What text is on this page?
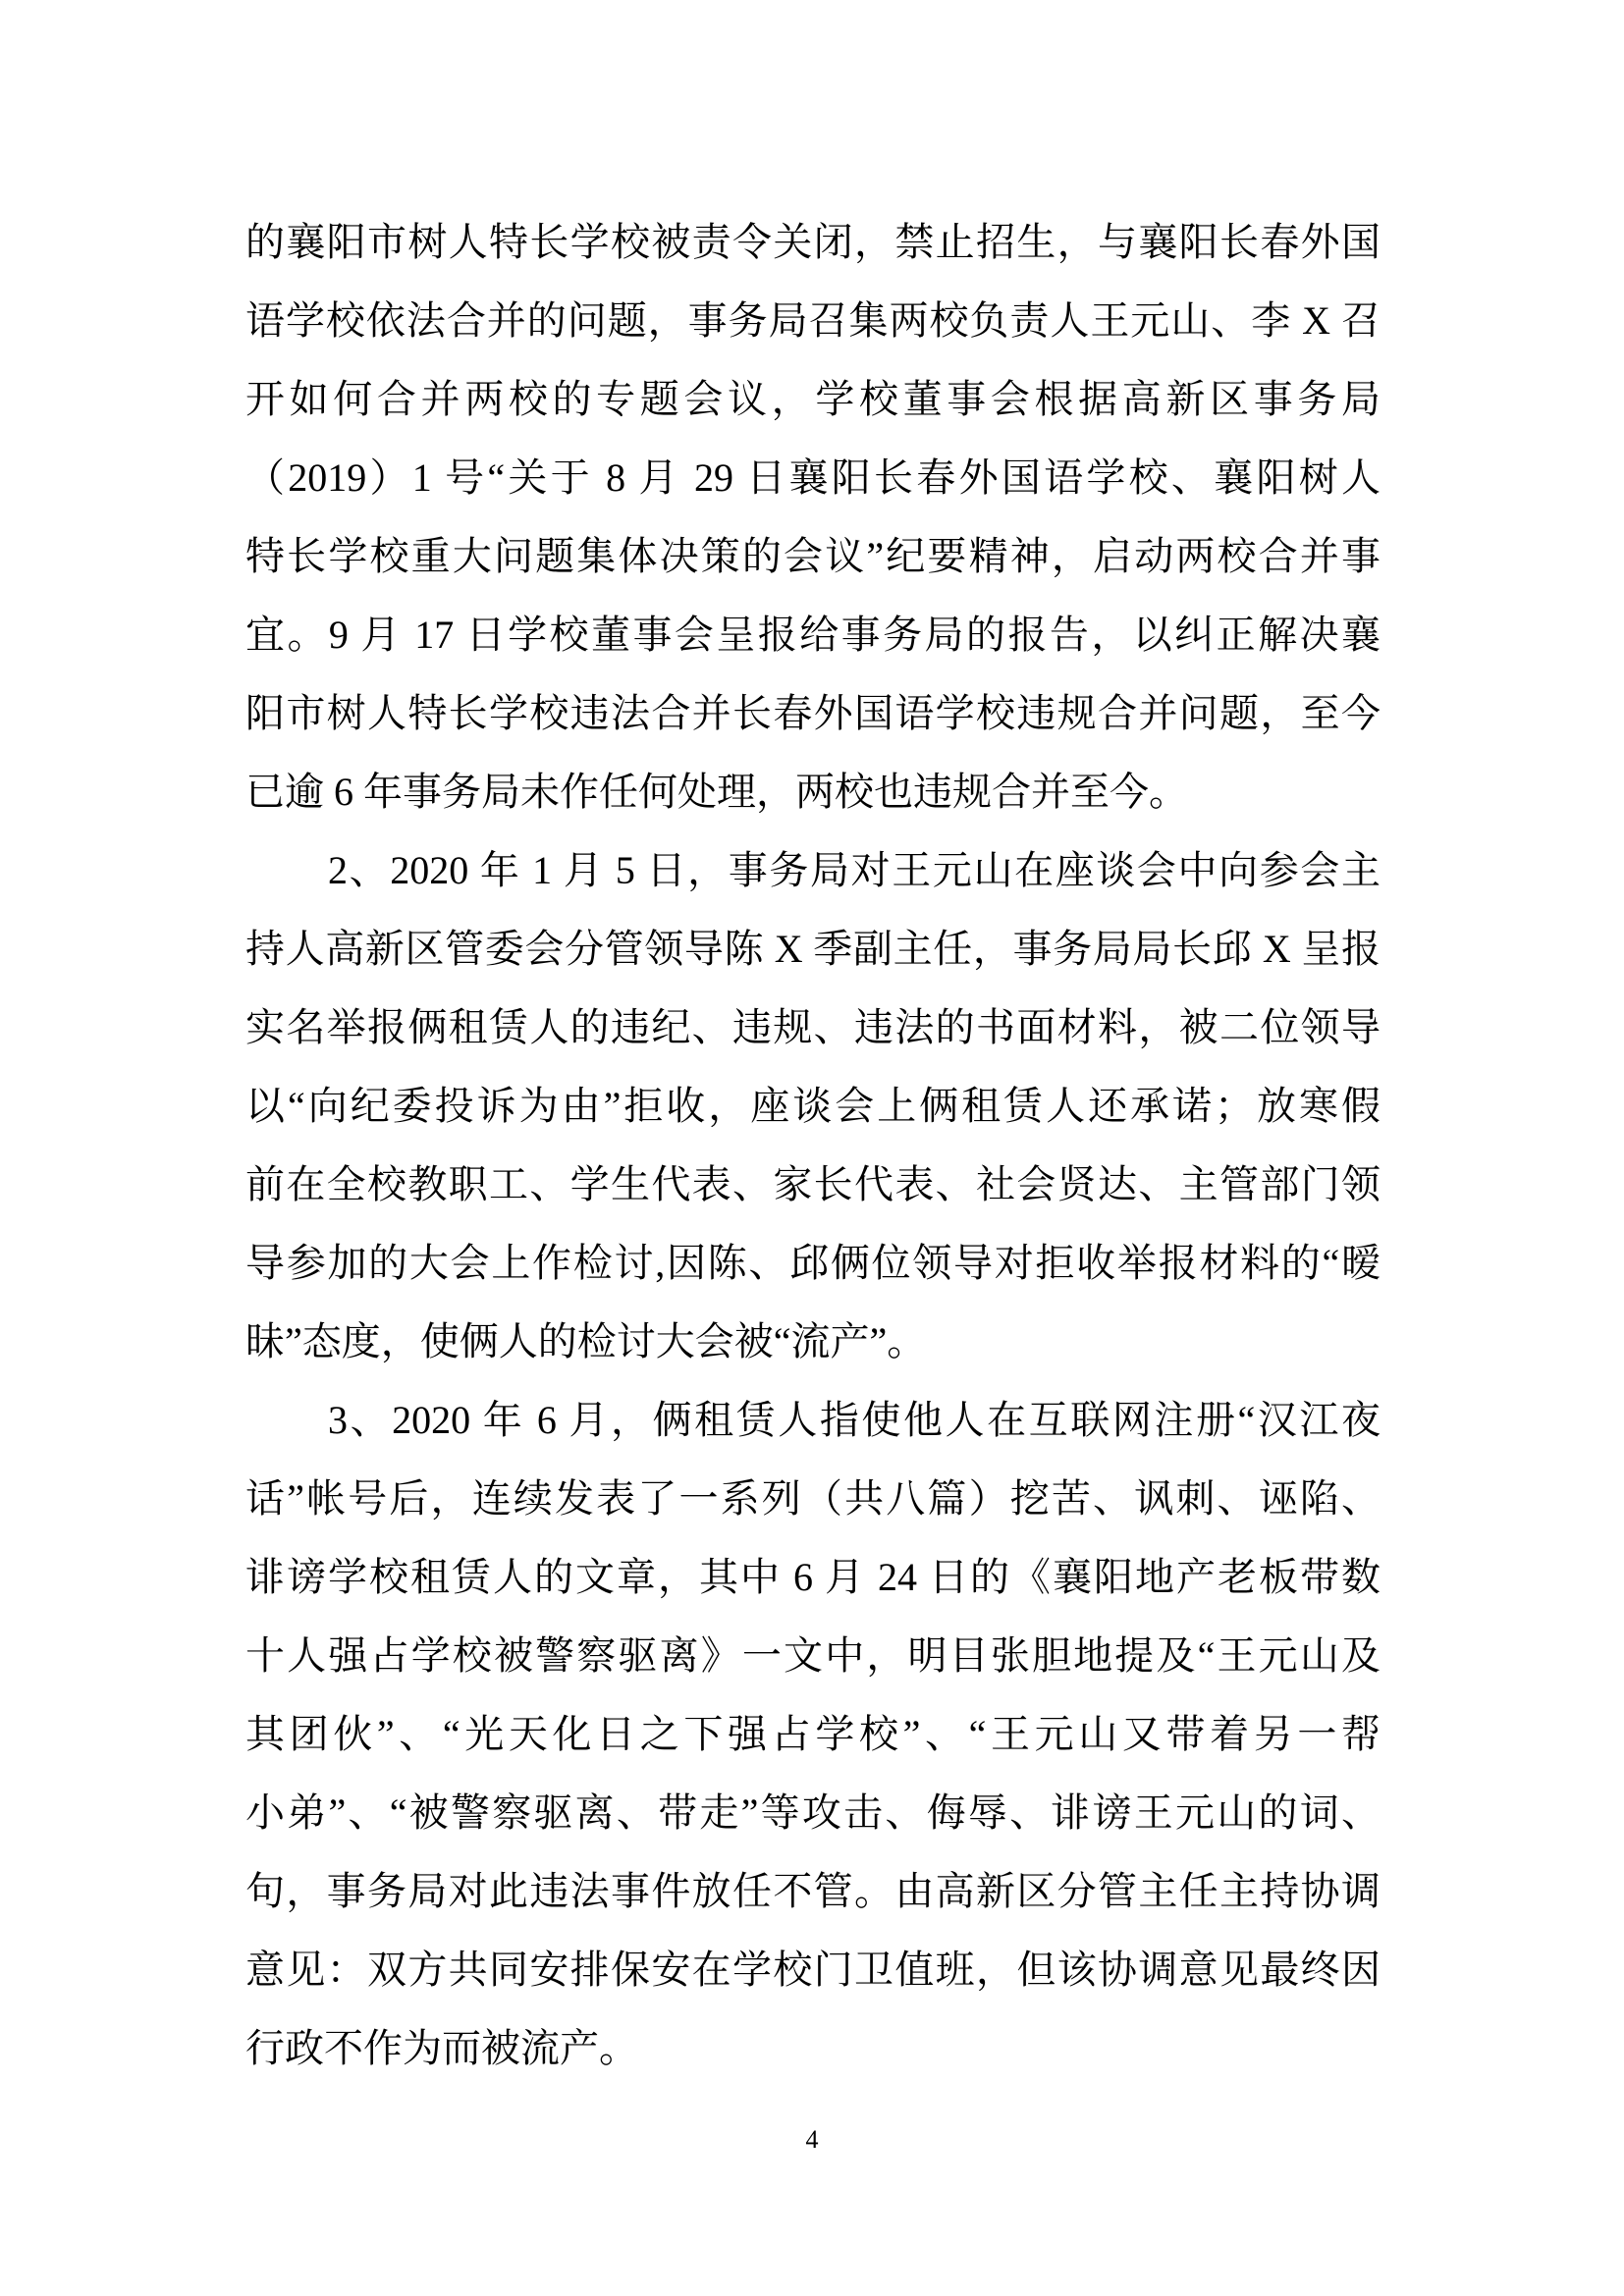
的襄阳市树人特长学校被责令关闭，禁止招生，与襄阳长春外国
语学校依法合并的问题，事务局召集两校负责人王元山、李 X 召
开如何合并两校的专题会议，学校董事会根据高新区事务局
（2019）1 号“关于 8 月 29 日襄阳长春外国语学校、襄阳树人
特长学校重大问题集体决策的会议”纪要精神，启动两校合并事
宜。9 月 17 日学校董事会呈报给事务局的报告，以纠正解决襄
阳市树人特长学校违法合并长春外国语学校违规合并问题，至今
已逾 6 年事务局未作任何处理，两校也违规合并至今。
2、2020 年 1 月 5 日，事务局对王元山在座谈会中向参会主
持人高新区管委会分管领导陈 X 季副主任，事务局局长邱 X 呈报
实名举报俩租赁人的违纪、违规、违法的书面材料，被二位领导
以“向纪委投诉为由”拒收，座谈会上俩租赁人还承诺；放寒假
前在全校教职工、学生代表、家长代表、社会贤达、主管部门领
导参加的大会上作检讨,因陈、邱俩位领导对拒收举报材料的“暧
昧”态度，使俩人的检讨大会被“流产”。
3、2020 年 6 月，俩租赁人指使他人在互联网注册“汉江夜
话”帐号后，连续发表了一系列（共八篇）挖苦、讽刺、诬陷、
诽谤学校租赁人的文章，其中 6 月 24 日的《襄阳地产老板带数
十人强占学校被警察驱离》一文中，明目张胆地提及“王元山及
其团伙”、“光天化日之下强占学校”、“王元山又带着另一帮
小弟”、“被警察驱离、带走”等攻击、侮辱、诽谤王元山的词、
句，事务局对此违法事件放任不管。由高新区分管主任主持协调
意见：双方共同安排保安在学校门卫值班，但该协调意见最终因
行政不作为而被流产。
4
